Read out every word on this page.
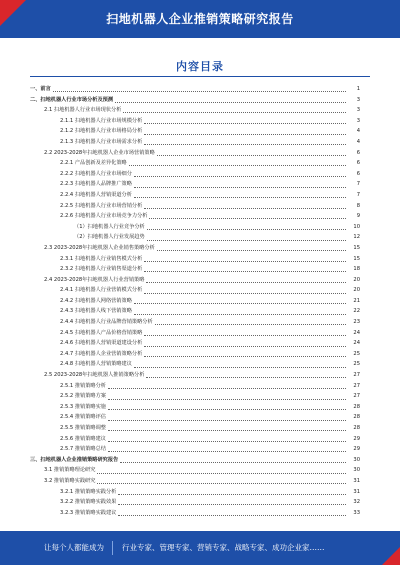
扫地机器人企业推销策略研究报告
内容目录
一、前言	1
二、扫地机器人行业市场分析及预测	3
2.1 扫地机器人行业市场现状分析	3
2.1.1 扫地机器人行业市场规模分析	3
2.1.2 扫地机器人行业市场格局分析	4
2.1.3 扫地机器人行业市场需求分析	4
2.2 2023-2028年扫地机器人企业市场营销策略	6
2.2.1 产品创新及差异化策略	6
2.2.2 扫地机器人行业市场细分	6
2.2.3 扫地机器人品牌推广策略	7
2.2.4 扫地机器人营销渠道分析	7
2.2.5 扫地机器人行业市场营销分析	8
2.2.6 扫地机器人行业市场竞争力分析	9
（1）扫地机器人行业竞争分析	10
（2）扫地机器人行业发展趋势	12
2.3 2023-2028年扫地机器人企业销售策略分析	15
2.3.1 扫地机器人行业销售模式分析	15
2.3.2 扫地机器人行业销售渠道分析	18
2.4 2023-2028年扫地机器人行业营销策略	20
2.4.1 扫地机器人行业营销模式分析	20
2.4.2 扫地机器人网络营销策略	21
2.4.3 扫地机器人线下营销策略	22
2.4.4 扫地机器人行业品牌营销策略分析	23
2.4.5 扫地机器人产品价格营销策略	24
2.4.6 扫地机器人营销渠道建设分析	24
2.4.7 扫地机器人企业营销策略分析	25
2.4.8 扫地机器人营销策略建议	25
2.5 2023-2028年扫地机器人推销策略分析	27
2.5.1 推销策略分析	27
2.5.2 推销策略方案	27
2.5.3 推销策略实施	28
2.5.4 推销策略评估	28
2.5.5 推销策略调整	28
2.5.6 推销策略建议	29
2.5.7 推销策略总结	29
三、扫地机器人企业推销策略研究报告	30
3.1 推销策略理论研究	30
3.2 推销策略实践研究	31
3.2.1 推销策略实践分析	31
3.2.2 推销策略实践效果	32
3.2.3 推销策略实践建议	33
让每个人都能成为 行业专家、管理专家、营销专家、战略专家、成功企业家……
